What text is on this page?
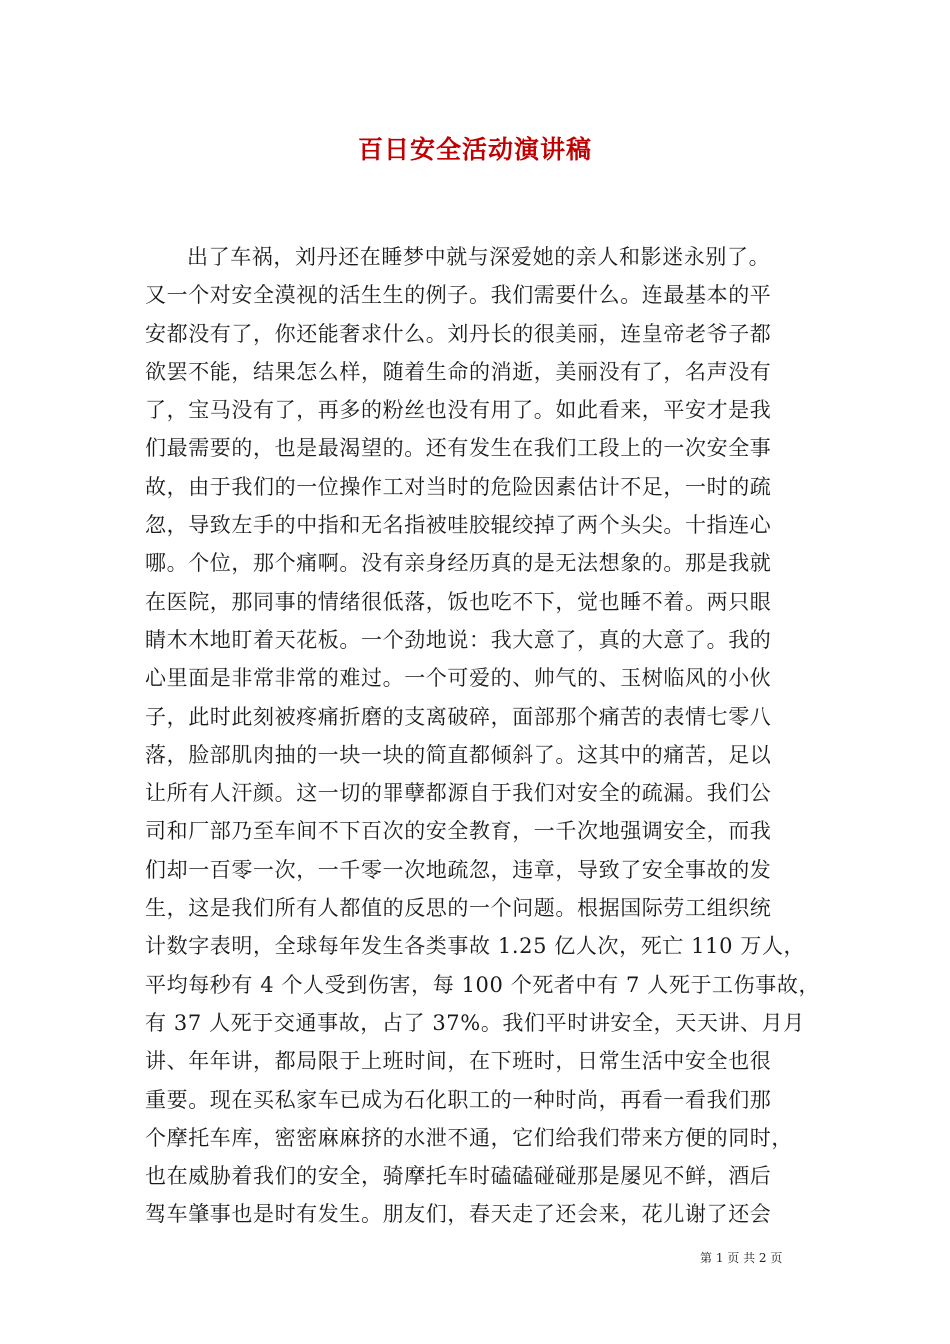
百日安全活动演讲稿
出了车祸，刘丹还在睡梦中就与深爱她的亲人和影迷永别了。
又一个对安全漠视的活生生的例子。我们需要什么。连最基本的平
安都没有了，你还能奢求什么。刘丹长的很美丽，连皇帝老爷子都
欲罢不能，结果怎么样，随着生命的消逝，美丽没有了，名声没有
了，宝马没有了，再多的粉丝也没有用了。如此看来，平安才是我
们最需要的，也是最渴望的。还有发生在我们工段上的一次安全事
故，由于我们的一位操作工对当时的危险因素估计不足，一时的疏
忽，导致左手的中指和无名指被哇胶辊绞掉了两个头尖。十指连心
哪。个位，那个痛啊。没有亲身经历真的是无法想象的。那是我就
在医院，那同事的情绪很低落，饭也吃不下，觉也睡不着。两只眼
睛木木地盯着天花板。一个劲地说：我大意了，真的大意了。我的
心里面是非常非常的难过。一个可爱的、帅气的、玉树临风的小伙
子，此时此刻被疼痛折磨的支离破碎，面部那个痛苦的表情七零八
落，脸部肌肉抽的一块一块的简直都倾斜了。这其中的痛苦，足以
让所有人汗颜。这一切的罪孽都源自于我们对安全的疏漏。我们公
司和厂部乃至车间不下百次的安全教育，一千次地强调安全，而我
们却一百零一次，一千零一次地疏忽，违章，导致了安全事故的发
生，这是我们所有人都值的反思的一个问题。根据国际劳工组织统
计数字表明，全球每年发生各类事故 1.25 亿人次，死亡 110 万人，
平均每秒有 4 个人受到伤害，每 100 个死者中有 7 人死于工伤事故，
有 37 人死于交通事故，占了 37%。我们平时讲安全，天天讲、月月
讲、年年讲，都局限于上班时间，在下班时，日常生活中安全也很
重要。现在买私家车已成为石化职工的一种时尚，再看一看我们那
个摩托车库，密密麻麻挤的水泄不通，它们给我们带来方便的同时，
也在威胁着我们的安全，骑摩托车时磕磕碰碰那是屡见不鲜，酒后
驾车肇事也是时有发生。朋友们，春天走了还会来，花儿谢了还会
第 1 页 共 2 页
